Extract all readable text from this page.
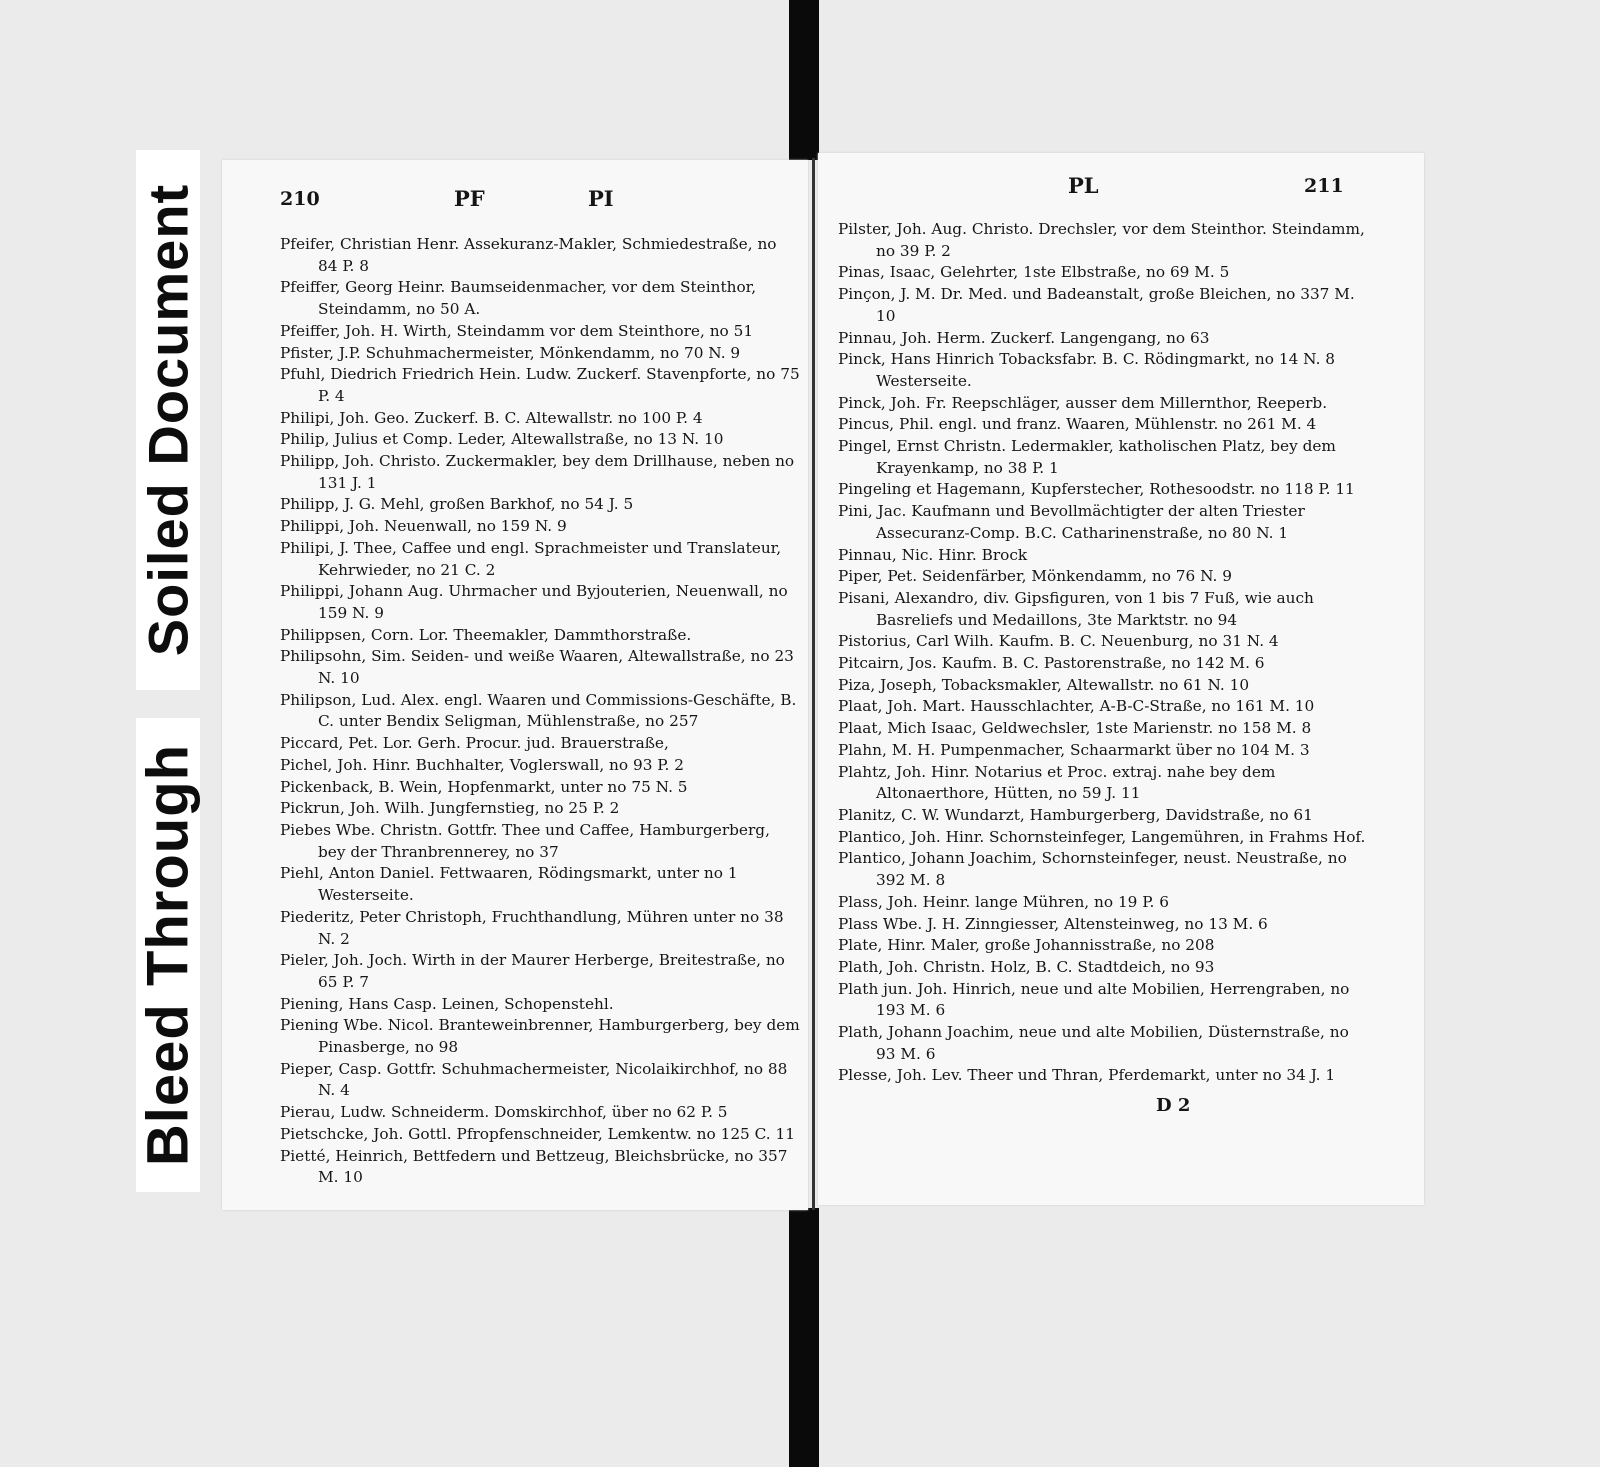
Soiled Document
Bleed Through
210	PF	PI
Pfeifer, Christian Henr. Assekuranz-Makler, Schmiedestraße, no 84 P. 8
Pfeiffer, Georg Heinr. Baumseidenmacher, vor dem Steinthor, Steindamm, no 50 A.
Pfeiffer, Joh. H. Wirth, Steindamm vor dem Steinthore, no 51
Pfister, J.P. Schuhmachermeister, Mönkendamm, no 70 N. 9
Pfuhl, Diedrich Friedrich Hein. Ludw. Zuckerf. Stavenpforte, no 75 P. 4
Philipi, Joh. Geo. Zuckerf. B. C. Altewallstr. no 100 P. 4
Philip, Julius et Comp. Leder, Altewallstraße, no 13 N. 10
Philipp, Joh. Christo. Zuckermakler, bey dem Drillhause, neben no 131 J. 1
Philipp, J. G. Mehl, großen Barkhof, no 54 J. 5
Philippi, Joh. Neuenwall, no 159 N. 9
Philipi, J. Thee, Caffee und engl. Sprachmeister und Translateur, Kehrwieder, no 21 C. 2
Philippi, Johann Aug. Uhrmacher und Byjouterien, Neuenwall, no 159 N. 9
Philippsen, Corn. Lor. Theemakler, Dammthorstraße.
Philipsohn, Sim. Seiden- und weiße Waaren, Altewallstraße, no 23 N. 10
Philipson, Lud. Alex. engl. Waaren und Commissions-Geschäfte, B. C. unter Bendix Seligman, Mühlenstraße, no 257
Piccard, Pet. Lor. Gerh. Procur. jud. Brauerstraße,
Pichel, Joh. Hinr. Buchhalter, Voglerswall, no 93 P. 2
Pickenback, B. Wein, Hopfenmarkt, unter no 75 N. 5
Pickrun, Joh. Wilh. Jungfernstieg, no 25 P. 2
Piebes Wbe. Christn. Gottfr. Thee und Caffee, Hamburgerberg, bey der Thranbrennerey, no 37
Piehl, Anton Daniel. Fettwaaren, Rödingsmarkt, unter no 1 Westerseite.
Piederitz, Peter Christoph, Fruchthandlung, Mühren unter no 38 N. 2
Pieler, Joh. Joch. Wirth in der Maurer Herberge, Breitestraße, no 65 P. 7
Piening, Hans Casp. Leinen, Schopenstehl.
Piening Wbe. Nicol. Branteweinbrenner, Hamburgerberg, bey dem Pinasberge, no 98
Pieper, Casp. Gottfr. Schuhmachermeister, Nicolaikirchhof, no 88 N. 4
Pierau, Ludw. Schneiderm. Domskirchhof, über no 62 P. 5
Pietschcke, Joh. Gottl. Pfropfenschneider, Lemkentw. no 125 C. 11
Pietté, Heinrich, Bettfedern und Bettzeug, Bleichsbrücke, no 357 M. 10
PL	211
Pilster, Joh. Aug. Christo. Drechsler, vor dem Steinthor. Steindamm, no 39 P. 2
Pinas, Isaac, Gelehrter, 1ste Elbstraße, no 69 M. 5
Pinçon, J. M. Dr. Med. und Badeanstalt, große Bleichen, no 337 M. 10
Pinnau, Joh. Herm. Zuckerf. Langengang, no 63
Pinck, Hans Hinrich Tobacksfabr. B. C. Rödingmarkt, no 14 N. 8 Westerseite.
Pinck, Joh. Fr. Reepschläger, ausser dem Millernthor, Reeperb.
Pincus, Phil. engl. und franz. Waaren, Mühlenstr. no 261 M. 4
Pingel, Ernst Christn. Ledermakler, katholischen Platz, bey dem Krayenkamp, no 38 P. 1
Pingeling et Hagemann, Kupferstecher, Rothesoodstr. no 118 P. 11
Pini, Jac. Kaufmann und Bevollmächtigter der alten Triester Assecuranz-Comp. B.C. Catharinenstraße, no 80 N. 1
Pinnau, Nic. Hinr. Brock
Piper, Pet. Seidenfärber, Mönkendamm, no 76 N. 9
Pisani, Alexandro, div. Gipsfiguren, von 1 bis 7 Fuß, wie auch Basreliefs und Medaillons, 3te Marktstr. no 94
Pistorius, Carl Wilh. Kaufm. B. C. Neuenburg, no 31 N. 4
Pitcairn, Jos. Kaufm. B. C. Pastorenstraße, no 142 M. 6
Piza, Joseph, Tobacksmakler, Altewallstr. no 61 N. 10
Plaat, Joh. Mart. Hausschlachter, A-B-C-Straße, no 161 M. 10
Plaat, Mich Isaac, Geldwechsler, 1ste Marienstr. no 158 M. 8
Plahn, M. H. Pumpenmacher, Schaarmarkt über no 104 M. 3
Plahtz, Joh. Hinr. Notarius et Proc. extraj. nahe bey dem Altonaerthore, Hütten, no 59 J. 11
Planitz, C. W. Wundarzt, Hamburgerberg, Davidstraße, no 61
Plantico, Joh. Hinr. Schornsteinfeger, Langemühren, in Frahms Hof.
Plantico, Johann Joachim, Schornsteinfeger, neust. Neustraße, no 392 M. 8
Plass, Joh. Heinr. lange Mühren, no 19 P. 6
Plass Wbe. J. H. Zinngiesser, Altensteinweg, no 13 M. 6
Plate, Hinr. Maler, große Johannisstraße, no 208
Plath, Joh. Christn. Holz, B. C. Stadtdeich, no 93
Plath jun. Joh. Hinrich, neue und alte Mobilien, Herrengraben, no 193 M. 6
Plath, Johann Joachim, neue und alte Mobilien, Düsternstraße, no 93 M. 6
Plesse, Joh. Lev. Theer und Thran, Pferdemarkt, unter no 34 J. 1
D 2
